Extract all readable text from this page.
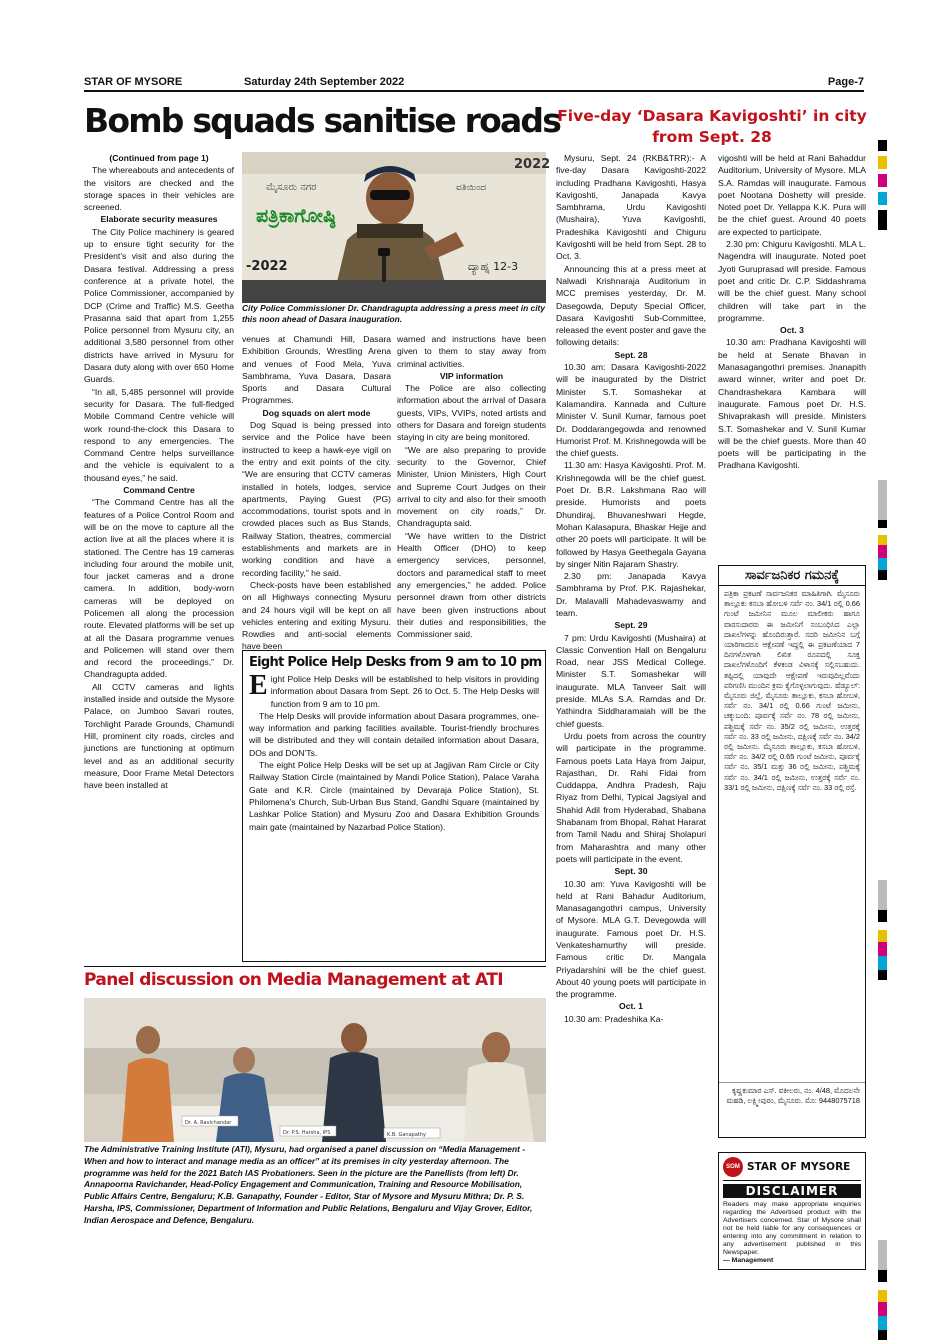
STAR OF MYSORE	Saturday 24th September 2022	Page-7
Bomb squads sanitise roads

(Continued from page 1)

The whereabouts and antecedents of the visitors are checked and the storage spaces in their vehicles are screened.

Elaborate security measures

The City Police machinery is geared up to ensure tight security for the President’s visit and also during the Dasara festival. Addressing a press conference at a private hotel, the Police Commissioner, accompanied by DCP (Crime and Traffic) M.S. Geetha Prasanna said that apart from 1,255 Police personnel from Mysuru city, an additional 3,580 personnel from other districts have arrived in Mysuru for Dasara duty along with over 650 Home Guards.

“In all, 5,485 personnel will provide security for Dasara. The full-fledged Mobile Command Centre vehicle will work round-the-clock this Dasara to respond to any emergencies. The Command Centre helps surveillance and the vehicle is equivalent to a thousand eyes,” he said.

Command Centre

“The Command Centre has all the features of a Police Control Room and will be on the move to capture all the action live at all the places where it is stationed. The Centre has 19 cameras including four around the mobile unit, four jacket cameras and a drone camera. In addition, body-worn cameras will be deployed on Policemen all along the procession route. Elevated platforms will be set up at all the Dasara programme venues and Policemen will stand over them and record the proceedings,” Dr. Chandragupta added.

All CCTV cameras and lights installed inside and outside the Mysore Palace, on Jumboo Savari routes, Torchlight Parade Grounds, Chamundi Hill, prominent city roads, circles and junctions are functioning at optimum level and as an additional security measure, Door Frame Metal Detectors have been installed at

ಮೈಸೂರು ನಗರ	ವತಿಯಿಂದ
2022
ಪತ್ರಿಕಾಗೋಷ್ಠಿ
-2022	ದ್ಯಾಹ್ನ 12-3
City Police Commissioner Dr. Chandragupta addressing a press meet in city this noon ahead of Dasara inauguration.

venues at Chamundi Hill, Dasara Exhibition Grounds, Wrestling Arena and venues of Food Mela, Yuva Sambhrama, Yuva Dasara, Dasara Sports and Dasara Cultural Programmes.

Dog squads on alert mode

Dog Squad is being pressed into service and the Police have been instructed to keep a hawk-eye vigil on the entry and exit points of the city. “We are ensuring that CCTV cameras installed in hotels, lodges, service apartments, Paying Guest (PG) accommodations, tourist spots and in crowded places such as Bus Stands, Railway Station, theatres, commercial establishments and markets are in working condition and have a recording facility,” he said.

Check-posts have been established on all Highways connecting Mysuru and 24 hours vigil will be kept on all vehicles entering and exiting Mysuru. Rowdies and anti-social elements have been

warned and instructions have been given to them to stay away from criminal activities.

VIP information

The Police are also collecting information about the arrival of Dasara guests, VIPs, VVIPs, noted artists and others for Dasara and foreign students staying in city are being monitored.

“We are also preparing to provide security to the Governor, Chief Minister, Union Ministers, High Court and Supreme Court Judges on their arrival to city and also for their smooth movement on city roads,” Dr. Chandragupta said.

“We have written to the District Health Officer (DHO) to keep emergency services, personnel, doctors and paramedical staff to meet any emergencies,” he added. Police personnel drawn from other districts have been given instructions about their duties and responsibilities, the Commissioner said.

Eight Police Help Desks from 9 am to 10 pm

Eight Police Help Desks will be established to help visitors in providing information about Dasara from Sept. 26 to Oct. 5. The Help Desks will function from 9 am to 10 pm.

The Help Desks will provide information about Dasara programmes, one-way information and parking facilities available. Tourist-friendly brochures will be distributed and they will contain detailed information about Dasara, DOs and DON’Ts.

The eight Police Help Desks will be set up at Jagjivan Ram Circle or City Railway Station Circle (maintained by Mandi Police Station), Palace Varaha Gate and K.R. Circle (maintained by Devaraja Police Station), St. Philomena’s Church, Sub-Urban Bus Stand, Gandhi Square (maintained by Lashkar Police Station) and Mysuru Zoo and Dasara Exhibition Grounds main gate (maintained by Nazarbad Police Station).

Panel discussion on Media Management at ATI
Dr. A. Ravichandar
Dr. P.S. Harsha, IPS	K.B. Ganapathy
The Administrative Training Institute (ATI), Mysuru, had organised a panel discussion on “Media Management - When and how to interact and manage media as an officer” at its premises in city yesterday afternoon. The programme was held for the 2021 Batch IAS Probationers. Seen in the picture are the Panellists (from left) Dr. Annapoorna Ravichander, Head-Policy Engagement and Communication, Training and Resource Mobilisation, Public Affairs Centre, Bengaluru; K.B. Ganapathy, Founder - Editor, Star of Mysore and Mysuru Mithra; Dr. P. S. Harsha, IPS, Commissioner, Department of Information and Public Relations, Bengaluru and Vijay Grover, Editor, Indian Aerospace and Defence, Bengaluru.
Five-day ‘Dasara Kavigoshti’ in city from Sept. 28

Mysuru, Sept. 24 (RKB&TRR):- A five-day Dasara Kavigoshti-2022 including Pradhana Kavigoshti, Hasya Kavigoshti, Janapada Kavya Sambhrama, Urdu Kavigoshti (Mushaira), Yuva Kavigoshti, Pradeshika Kavigoshti and Chiguru Kavigoshti will be held from Sept. 28 to Oct. 3.

Announcing this at a press meet at Nalwadi Krishnaraja Auditorium in MCC premises yesterday, Dr. M. Dasegowda, Deputy Special Officer, Dasara Kavigoshti Sub-Committee, released the event poster and gave the following details:

Sept. 28

10.30 am: Dasara Kavigoshti-2022 will be inaugurated by the District Minister S.T. Somashekar at Kalamandira. Kannada and Culture Minister V. Sunil Kumar, famous poet Dr. Doddarangegowda and renowned Humorist Prof. M. Krishnegowda will be the chief guests.

11.30 am: Hasya Kavigoshti. Prof. M. Krishnegowda will be the chief guest. Poet Dr. B.R. Lakshmana Rao will preside. Humorists and poets Dhundiraj, Bhuvaneshwari Hegde, Mohan Kalasapura, Bhaskar Hejje and other 20 poets will participate. It will be followed by Hasya Geethegala Gayana by singer Nitin Rajaram Shastry.

2.30 pm: Janapada Kavya Sambhrama by Prof. P.K. Rajashekar, Dr. Malavalli Mahadevaswamy and team.

Sept. 29

7 pm: Urdu Kavigoshti (Mushaira) at Classic Convention Hall on Bengaluru Road, near JSS Medical College. Minister S.T. Somashekar will inaugurate. MLA Tanveer Sait will preside. MLAs S.A. Ramdas and Dr. Yathindra Siddharamaiah will be the chief guests.

Urdu poets from across the country will participate in the programme. Famous poets Lata Haya from Jaipur, Rajasthan, Dr. Rahi Fidai from Cuddappa, Andhra Pradesh, Raju Riyaz from Delhi, Typical Jagsiyal and Shahid Adil from Hyderabad, Shabana Shabanam from Bhopal, Rahat Hararat from Tamil Nadu and Shiraj Sholapuri from Maharashtra and many other poets will participate in the event.

Sept. 30

10.30 am: Yuva Kavigoshti will be held at Rani Bahadur Auditorium, Manasagangothri campus, University of Mysore. MLA G.T. Devegowda will inaugurate. Famous poet Dr. H.S. Venkateshamurthy will preside. Famous critic Dr. Mangala Priyadarshini will be the chief guest. About 40 young poets will participate in the programme.

Oct. 1

10.30 am: Pradeshika Ka-

vigoshti will be held at Rani Bahaddur Auditorium, University of Mysore. MLA S.A. Ramdas will inaugurate. Famous poet Nootana Doshetty will preside. Noted poet Dr. Yellappa K.K. Pura will be the chief guest. Around 40 poets are expected to participate.

2.30 pm: Chiguru Kavigoshti. MLA L. Nagendra will inaugurate. Noted poet Jyoti Guruprasad will preside. Famous poet and critic Dr. C.P. Siddashrama will be the chief guest. Many school children will take part in the programme.

Oct. 3

10.30 am: Pradhana Kavigoshti will be held at Senate Bhavan in Manasagangothri premises. Jnanapith award winner, writer and poet Dr. Chandrashekara Kambara will inaugurate. Famous poet Dr. H.S. Shivaprakash will preside. Ministers S.T. Somashekar and V. Sunil Kumar will be the chief guests. More than 40 poets will be participating in the Pradhana Kavigoshti.

ಸಾರ್ವಜನಿಕರ ಗಮನಕ್ಕೆ
ಪತ್ರಿಕಾ ಪ್ರಕಟಣೆ ಸಾರ್ವಜನಿಕರ ಮಾಹಿತಿಗಾಗಿ. ಮೈಸೂರು ತಾಲ್ಲೂಕು ಕಸಬಾ ಹೋಬಳಿ ಸರ್ವೆ ನಂ. 34/1 ರಲ್ಲಿ 0.66 ಗುಂಟೆ ಜಮೀನಿನ ಮೂಲ ಮಾಲೀಕರು ಹಾಗೂ ವಾರಸುದಾರರು ಈ ಜಮೀನಿಗೆ ಸಂಬಂಧಿಸಿದ ಎಲ್ಲಾ ದಾಖಲೆಗಳನ್ನು ಹೊಂದಿರುತ್ತಾರೆ. ಸದರಿ ಜಮೀನಿನ ಬಗ್ಗೆ ಯಾರಿಗಾದರೂ ಆಕ್ಷೇಪಣೆ ಇದ್ದಲ್ಲಿ ಈ ಪ್ರಕಟಣೆಯಾದ 7 ದಿನಗಳೊಳಗಾಗಿ ಲಿಖಿತ ರೂಪದಲ್ಲಿ ಸೂಕ್ತ ದಾಖಲೆಗಳೊಂದಿಗೆ ಕೆಳಕಂಡ ವಿಳಾಸಕ್ಕೆ ಸಲ್ಲಿಸಬಹುದು. ತಪ್ಪಿದಲ್ಲಿ ಯಾವುದೇ ಆಕ್ಷೇಪಣೆ ಇರುವುದಿಲ್ಲವೆಂದು ಪರಿಗಣಿಸಿ ಮುಂದಿನ ಕ್ರಮ ಕೈಗೊಳ್ಳಲಾಗುವುದು. ಷೆಡ್ಯೂಲ್: ಮೈಸೂರು ಜಿಲ್ಲೆ, ಮೈಸೂರು ತಾಲ್ಲೂಕು, ಕಸಬಾ ಹೋಬಳಿ, ಸರ್ವೆ ನಂ. 34/1 ರಲ್ಲಿ 0.66 ಗುಂಟೆ ಜಮೀನು, ಚಕ್ಕುಬಂದಿ: ಪೂರ್ವಕ್ಕೆ ಸರ್ವೆ ನಂ. 78 ರಲ್ಲಿ ಜಮೀನು, ಪಶ್ಚಿಮಕ್ಕೆ ಸರ್ವೆ ನಂ. 35/2 ರಲ್ಲಿ ಜಮೀನು, ಉತ್ತರಕ್ಕೆ ಸರ್ವೆ ನಂ. 33 ರಲ್ಲಿ ಜಮೀನು, ದಕ್ಷಿಣಕ್ಕೆ ಸರ್ವೆ ನಂ. 34/2 ರಲ್ಲಿ ಜಮೀನು. ಮೈಸೂರು ತಾಲ್ಲೂಕು, ಕಸಬಾ ಹೋಬಳಿ, ಸರ್ವೆ ನಂ. 34/2 ರಲ್ಲಿ 0.65 ಗುಂಟೆ ಜಮೀನು, ಪೂರ್ವಕ್ಕೆ ಸರ್ವೆ ನಂ. 35/1 ಮತ್ತು 36 ರಲ್ಲಿ ಜಮೀನು, ಪಶ್ಚಿಮಕ್ಕೆ ಸರ್ವೆ ನಂ. 34/1 ರಲ್ಲಿ ಜಮೀನು, ಉತ್ತರಕ್ಕೆ ಸರ್ವೆ ನಂ. 33/1 ರಲ್ಲಿ ಜಮೀನು, ದಕ್ಷಿಣಕ್ಕೆ ಸರ್ವೆ ನಂ. 33 ರಲ್ಲಿ ರಸ್ತೆ.
ಕೃಷ್ಣಕುಮಾರ ಎಸ್. ವಕೀಲರು, ನಂ. 4/48, ಮೊದಲನೇ ಮಹಡಿ, ಲಕ್ಷ್ಮೀಪುರಂ, ಮೈಸೂರು. ಮೊ: 9448075718
SOM STAR OF MYSORE
DISCLAIMER
Readers may make appropriate enquiries regarding the Advertised product with the Advertisers concerned. Star of Mysore shall not be held liable for any consequences or entering into any commitment in relation to any advertisement published in this Newspaper.
— Management
